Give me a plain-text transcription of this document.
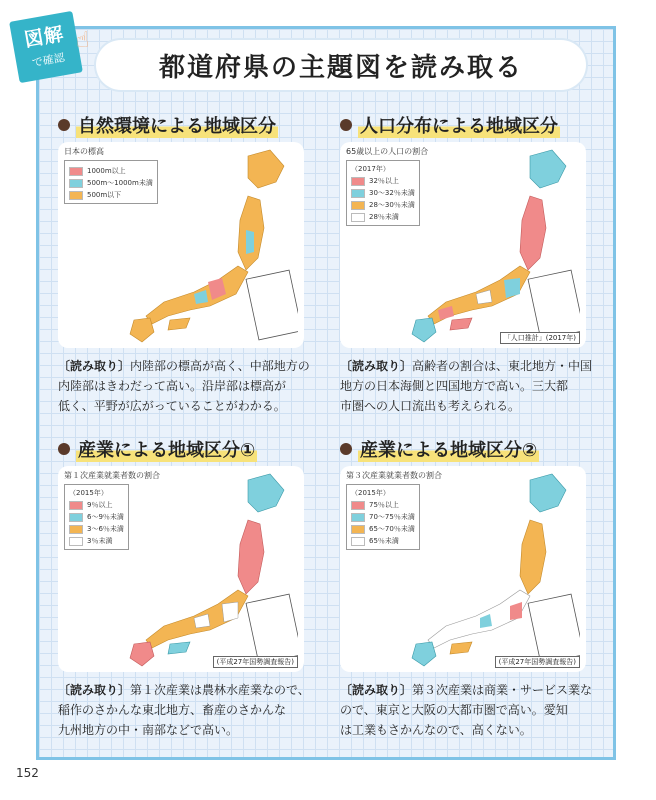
図解
で確認
☝
都道府県の主題図を読み取る
自然環境による地域区分
日本の標高
1000m以上
500m～1000m未満
500m以下
〔読み取り〕内陸部の標高が高く、中部地方の
内陸部はきわだって高い。沿岸部は標高が
低く、平野が広がっていることがわかる。
人口分布による地域区分
65歳以上の人口の割合
（2017年）
32％以上
30～32％未満
28～30％未満
28％未満
「人口推計」(2017年)
〔読み取り〕高齢者の割合は、東北地方・中国
地方の日本海側と四国地方で高い。三大都
市圏への人口流出も考えられる。
産業による地域区分①
第１次産業就業者数の割合
（2015年）
9％以上
6～9％未満
3～6％未満
3％未満
(平成27年国勢調査報告)
〔読み取り〕第１次産業は農林水産業なので、
稲作のさかんな東北地方、畜産のさかんな
九州地方の中・南部などで高い。
産業による地域区分②
第３次産業就業者数の割合
（2015年）
75％以上
70～75％未満
65～70％未満
65％未満
(平成27年国勢調査報告)
〔読み取り〕第３次産業は商業・サービス業な
ので、東京と大阪の大都市圏で高い。愛知
は工業もさかんなので、高くない。
152
